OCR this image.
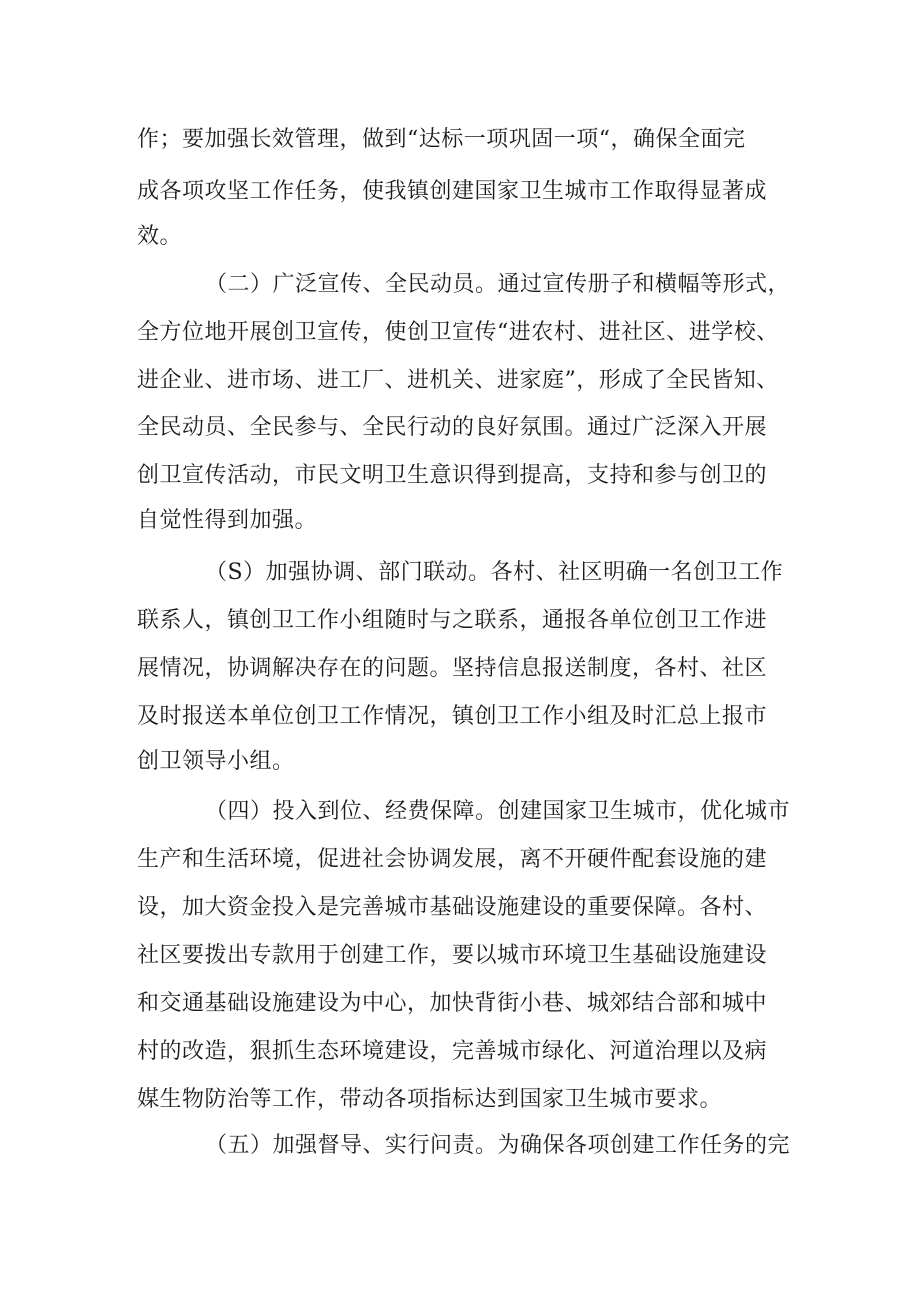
作；要加强长效管理，做到“达标一项巩固一项“，确保全面完
成各项攻坚工作任务，使我镇创建国家卫生城市工作取得显著成
效。
（二）广泛宣传、全民动员。通过宣传册子和横幅等形式，
全方位地开展创卫宣传，使创卫宣传“进农村、进社区、进学校、
进企业、进市场、进工厂、进机关、进家庭”，形成了全民皆知、
全民动员、全民参与、全民行动的良好氛围。通过广泛深入开展
创卫宣传活动，市民文明卫生意识得到提高，支持和参与创卫的
自觉性得到加强。
（S）加强协调、部门联动。各村、社区明确一名创卫工作
联系人，镇创卫工作小组随时与之联系，通报各单位创卫工作进
展情况，协调解决存在的问题。坚持信息报送制度，各村、社区
及时报送本单位创卫工作情况，镇创卫工作小组及时汇总上报市
创卫领导小组。
（四）投入到位、经费保障。创建国家卫生城市，优化城市
生产和生活环境，促进社会协调发展，离不开硬件配套设施的建
设，加大资金投入是完善城市基础设施建设的重要保障。各村、
社区要拨出专款用于创建工作，要以城市环境卫生基础设施建设
和交通基础设施建设为中心，加快背街小巷、城郊结合部和城中
村的改造，狠抓生态环境建设，完善城市绿化、河道治理以及病
媒生物防治等工作，带动各项指标达到国家卫生城市要求。
（五）加强督导、实行问责。为确保各项创建工作任务的完
